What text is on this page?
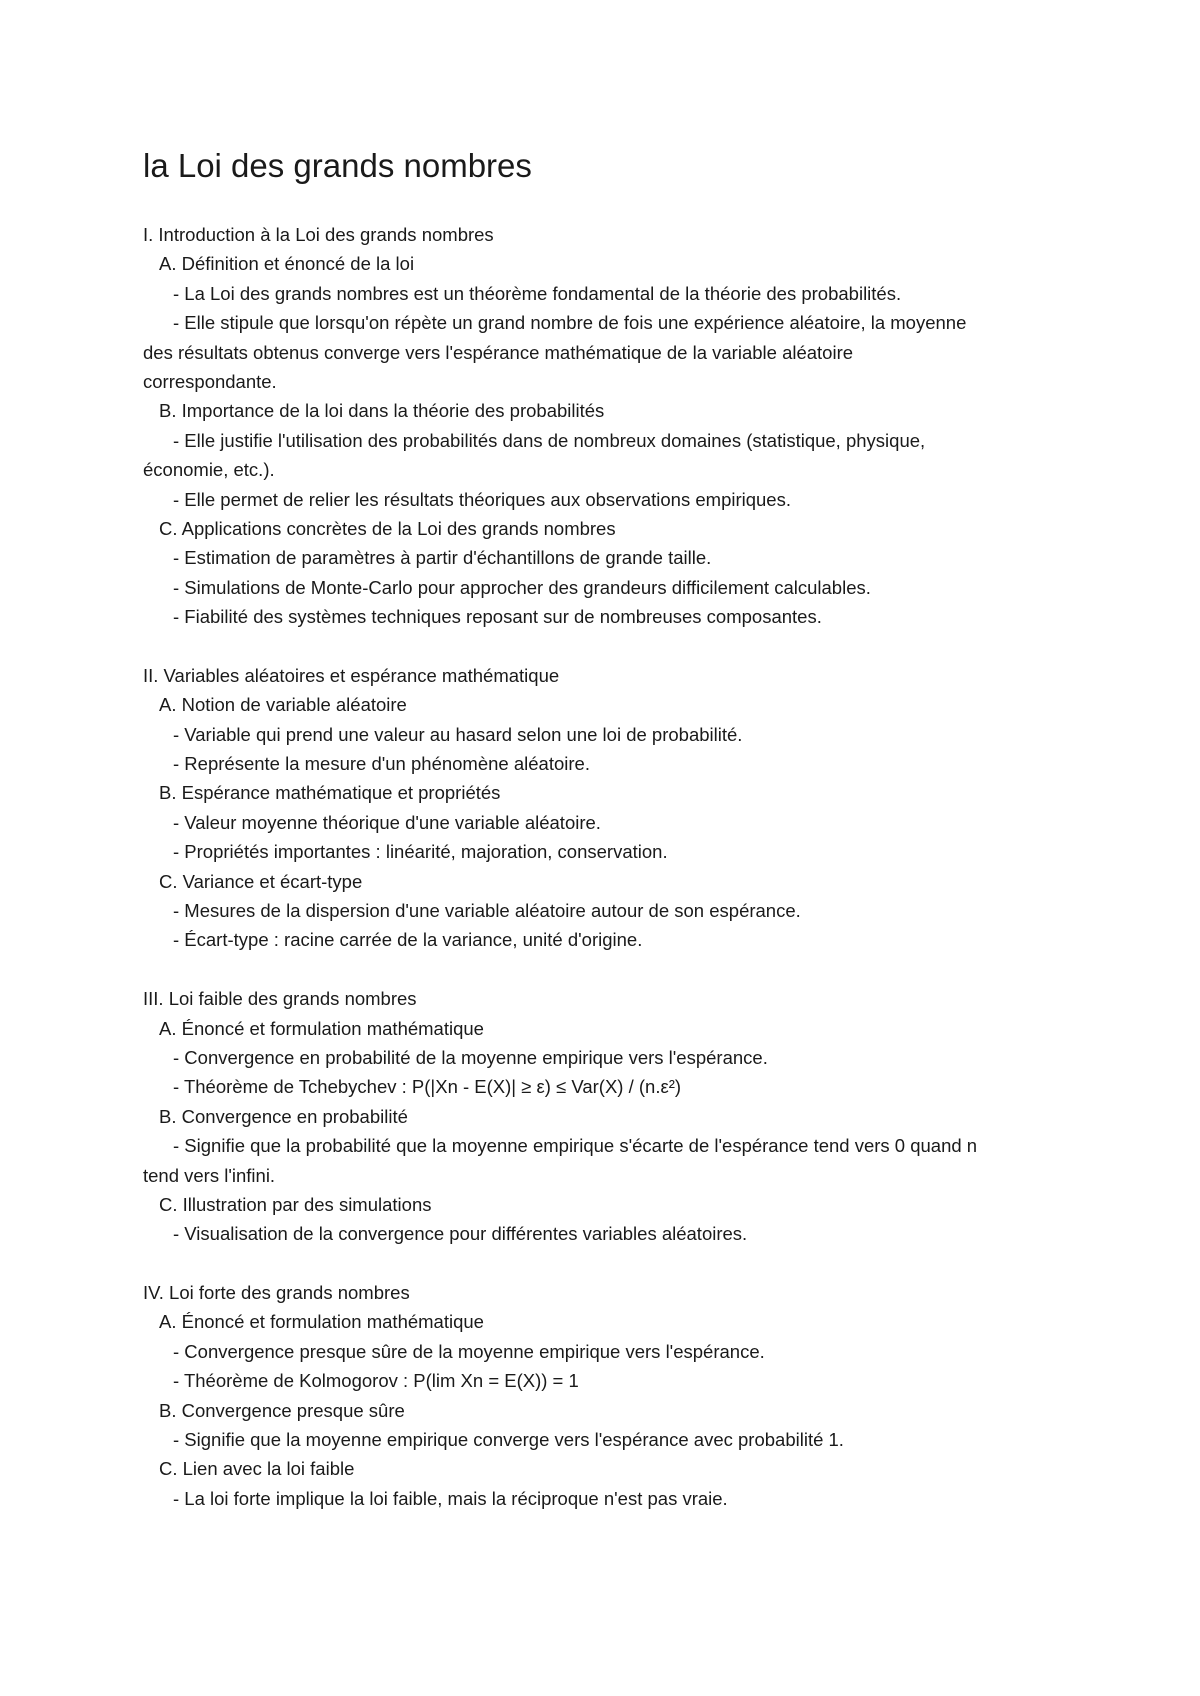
la Loi des grands nombres
I. Introduction à la Loi des grands nombres
A. Définition et énoncé de la loi
- La Loi des grands nombres est un théorème fondamental de la théorie des probabilités.
- Elle stipule que lorsqu'on répète un grand nombre de fois une expérience aléatoire, la moyenne
des résultats obtenus converge vers l'espérance mathématique de la variable aléatoire
correspondante.
B. Importance de la loi dans la théorie des probabilités
- Elle justifie l'utilisation des probabilités dans de nombreux domaines (statistique, physique,
économie, etc.).
- Elle permet de relier les résultats théoriques aux observations empiriques.
C. Applications concrètes de la Loi des grands nombres
- Estimation de paramètres à partir d'échantillons de grande taille.
- Simulations de Monte-Carlo pour approcher des grandeurs difficilement calculables.
- Fiabilité des systèmes techniques reposant sur de nombreuses composantes.
II. Variables aléatoires et espérance mathématique
A. Notion de variable aléatoire
- Variable qui prend une valeur au hasard selon une loi de probabilité.
- Représente la mesure d'un phénomène aléatoire.
B. Espérance mathématique et propriétés
- Valeur moyenne théorique d'une variable aléatoire.
- Propriétés importantes : linéarité, majoration, conservation.
C. Variance et écart-type
- Mesures de la dispersion d'une variable aléatoire autour de son espérance.
- Écart-type : racine carrée de la variance, unité d'origine.
III. Loi faible des grands nombres
A. Énoncé et formulation mathématique
- Convergence en probabilité de la moyenne empirique vers l'espérance.
- Théorème de Tchebychev : P(|Xn - E(X)| ≥ ε) ≤ Var(X) / (n.ε²)
B. Convergence en probabilité
- Signifie que la probabilité que la moyenne empirique s'écarte de l'espérance tend vers 0 quand n
tend vers l'infini.
C. Illustration par des simulations
- Visualisation de la convergence pour différentes variables aléatoires.
IV. Loi forte des grands nombres
A. Énoncé et formulation mathématique
- Convergence presque sûre de la moyenne empirique vers l'espérance.
- Théorème de Kolmogorov : P(lim Xn = E(X)) = 1
B. Convergence presque sûre
- Signifie que la moyenne empirique converge vers l'espérance avec probabilité 1.
C. Lien avec la loi faible
- La loi forte implique la loi faible, mais la réciproque n'est pas vraie.
